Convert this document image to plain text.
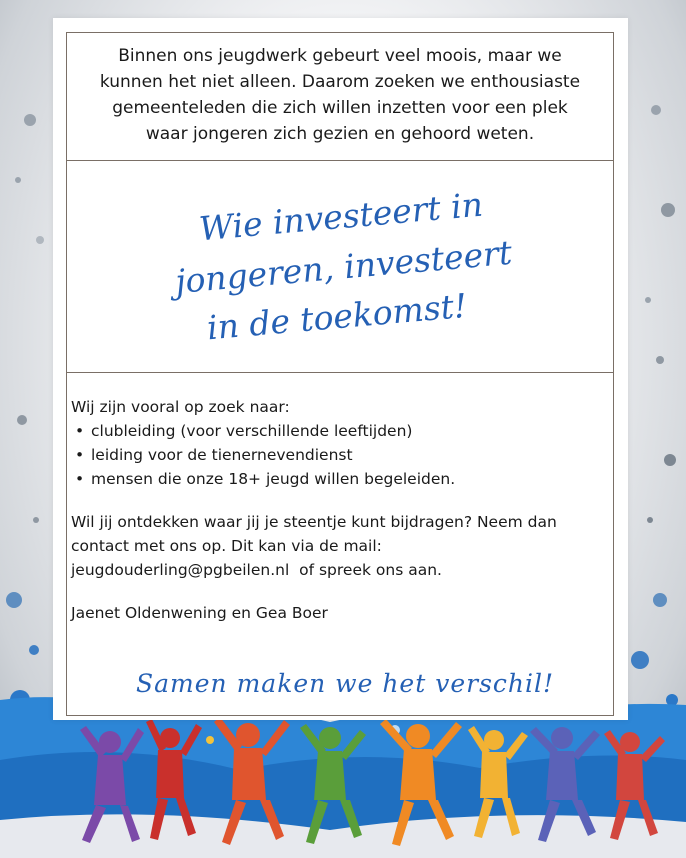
Binnen ons jeugdwerk gebeurt veel moois, maar we
kunnen het niet alleen. Daarom zoeken we enthousiaste
gemeenteleden die zich willen inzetten voor een plek
waar jongeren zich gezien en gehoord weten.

Wie investeert in
jongeren, investeert
in de toekomst!
Wij zijn vooral op zoek naar:
• clubleiding (voor verschillende leeftijden)
• leiding voor de tienernevendienst
• mensen die onze 18+ jeugd willen begeleiden.
Wil jij ontdekken waar jij je steentje kunt bijdragen? Neem dan
contact met ons op. Dit kan via de mail:
jeugdouderling@pgbeilen.nl  of spreek ons aan.
Jaenet Oldenwening en Gea Boer
Samen maken we het verschil!
